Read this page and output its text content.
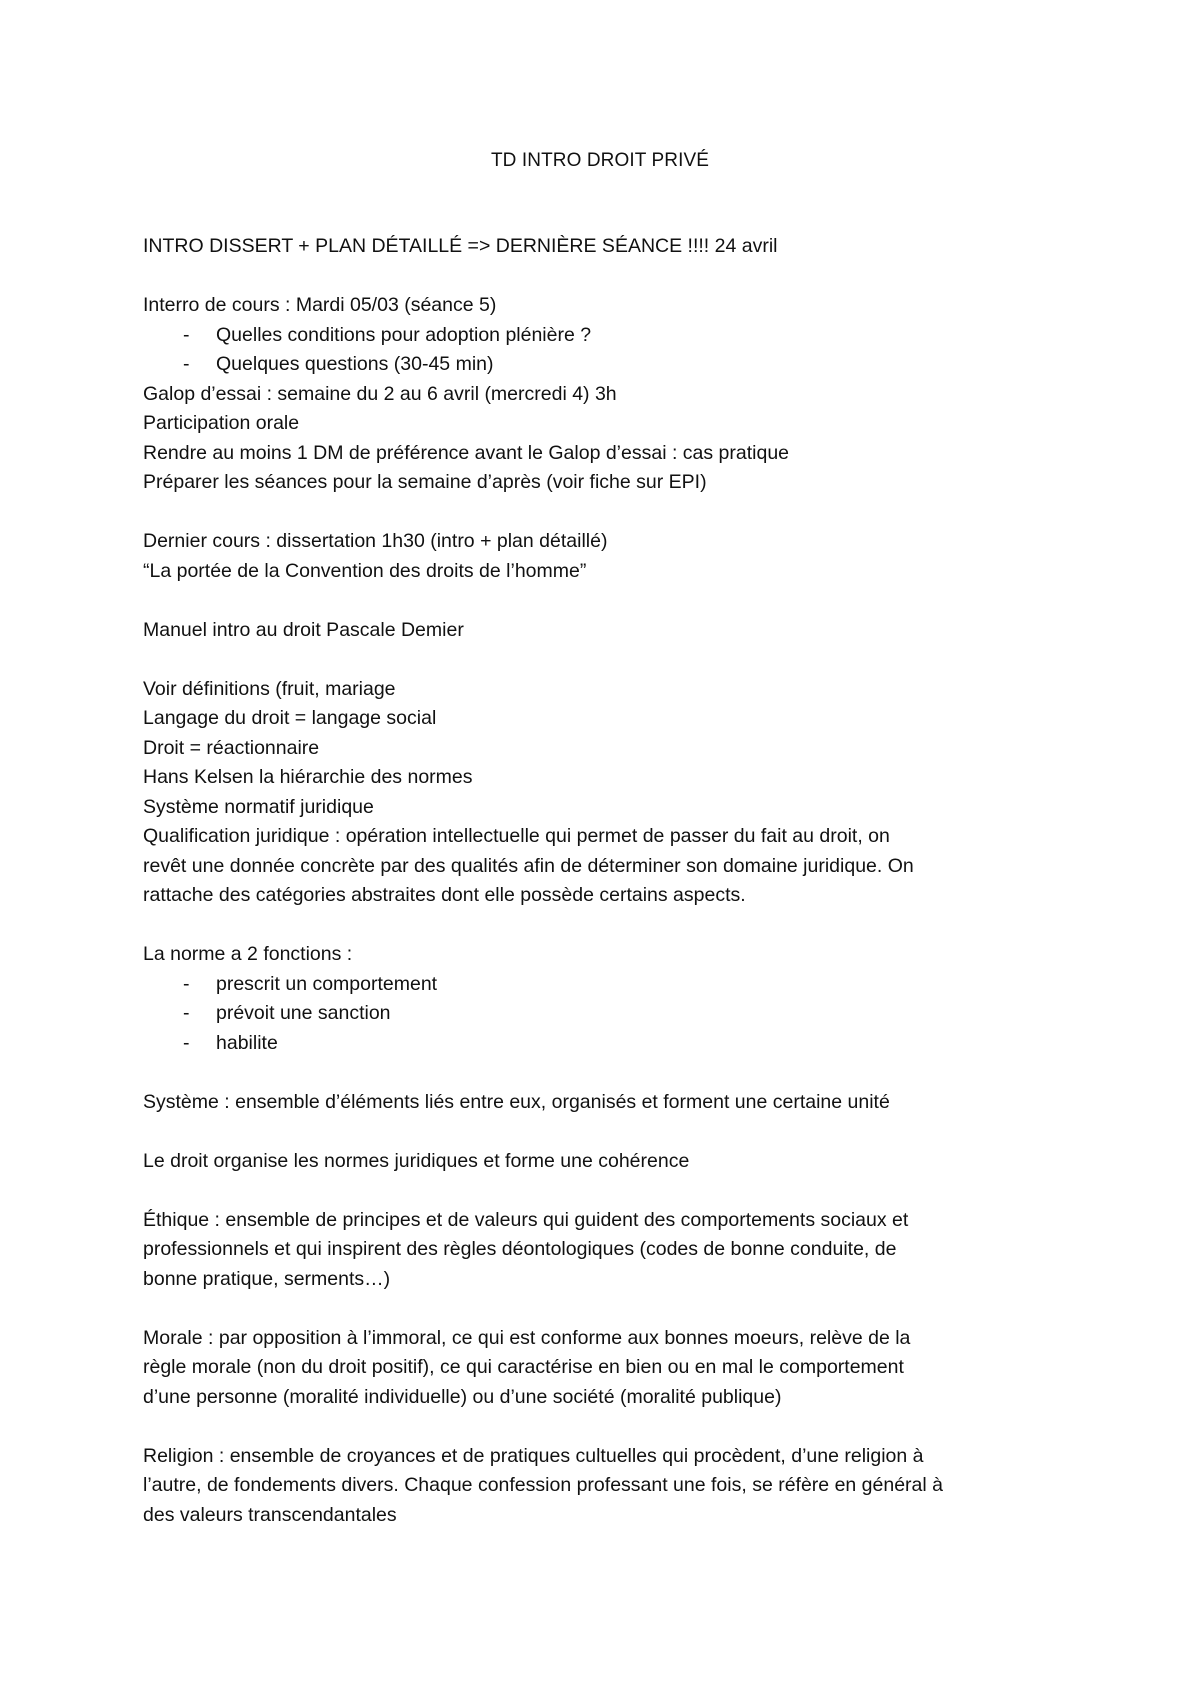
TD INTRO DROIT PRIVÉ
INTRO DISSERT + PLAN DÉTAILLÉ => DERNIÈRE SÉANCE !!!! 24 avril
Interro de cours : Mardi 05/03 (séance 5)
- Quelles conditions pour adoption plénière ?
- Quelques questions (30-45 min)
Galop d’essai : semaine du 2 au 6 avril (mercredi 4) 3h
Participation orale
Rendre au moins 1 DM de préférence avant le Galop d’essai : cas pratique
Préparer les séances pour la semaine d’après (voir fiche sur EPI)
Dernier cours : dissertation 1h30 (intro + plan détaillé)
“La portée de la Convention des droits de l’homme”
Manuel intro au droit Pascale Demier
Voir définitions (fruit, mariage
Langage du droit = langage social
Droit = réactionnaire
Hans Kelsen la hiérarchie des normes
Système normatif juridique
Qualification juridique : opération intellectuelle qui permet de passer du fait au droit, on
revêt une donnée concrète par des qualités afin de déterminer son domaine juridique. On
rattache des catégories abstraites dont elle possède certains aspects.
La norme a 2 fonctions :
- prescrit un comportement
- prévoit une sanction
- habilite
Système : ensemble d’éléments liés entre eux, organisés et forment une certaine unité
Le droit organise les normes juridiques et forme une cohérence
Éthique : ensemble de principes et de valeurs qui guident des comportements sociaux et
professionnels et qui inspirent des règles déontologiques (codes de bonne conduite, de
bonne pratique, serments…)
Morale : par opposition à l’immoral, ce qui est conforme aux bonnes moeurs, relève de la
règle morale (non du droit positif), ce qui caractérise en bien ou en mal le comportement
d’une personne (moralité individuelle) ou d’une société (moralité publique)
Religion : ensemble de croyances et de pratiques cultuelles qui procèdent, d’une religion à
l’autre, de fondements divers. Chaque confession professant une fois, se réfère en général à
des valeurs transcendantales
